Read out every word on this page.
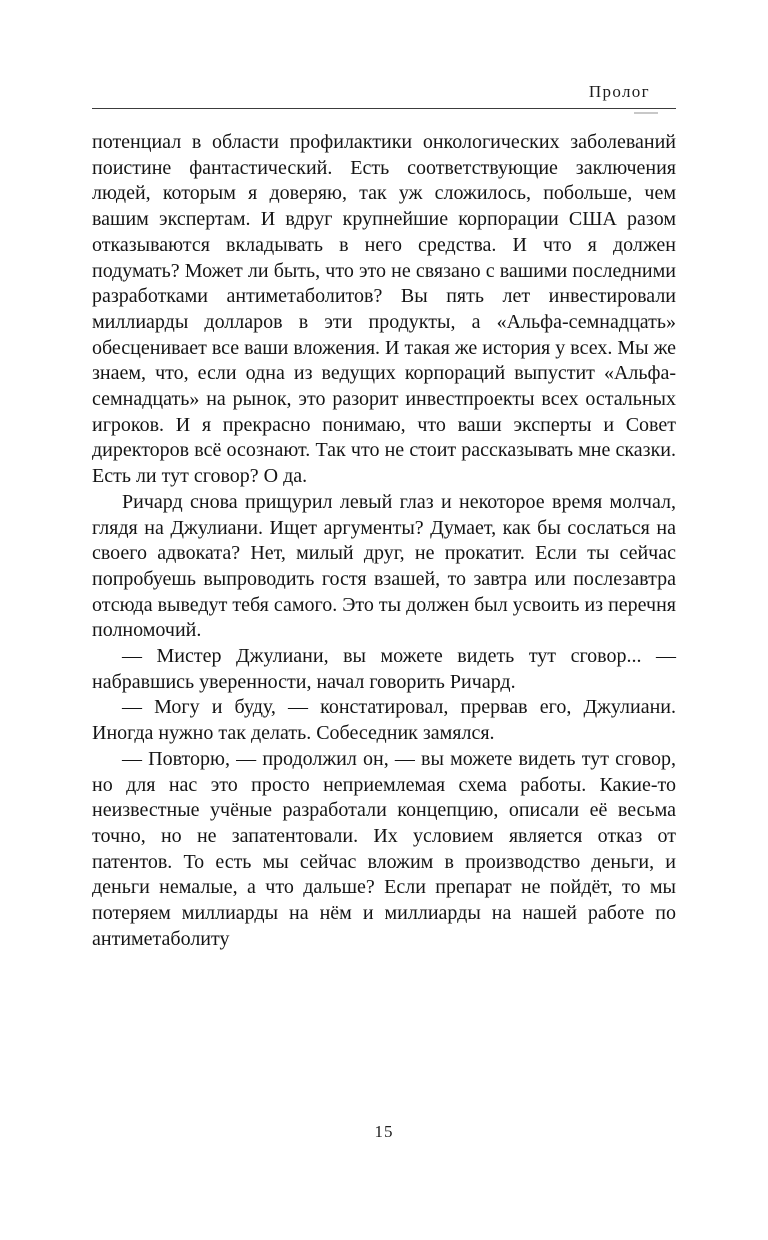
Пролог

потенциал в области профилактики онкологических заболеваний поистине фантастический. Есть соответствующие заключения людей, которым я доверяю, так уж сложилось, побольше, чем вашим экспертам. И вдруг крупнейшие корпорации США разом отказываются вкладывать в него средства. И что я должен подумать? Может ли быть, что это не связано с вашими последними разработками антиметаболитов? Вы пять лет инвестировали миллиарды долларов в эти продукты, а «Альфа-семнадцать» обесценивает все ваши вложения. И такая же история у всех. Мы же знаем, что, если одна из ведущих корпораций выпустит «Альфа-семнадцать» на рынок, это разорит инвестпроекты всех остальных игроков. И я прекрасно понимаю, что ваши эксперты и Совет директоров всё осознают. Так что не стоит рассказывать мне сказки. Есть ли тут сговор? О да.

Ричард снова прищурил левый глаз и некоторое время молчал, глядя на Джулиани. Ищет аргументы? Думает, как бы сослаться на своего адвоката? Нет, милый друг, не прокатит. Если ты сейчас попробуешь выпроводить гостя взашей, то завтра или послезавтра отсюда выведут тебя самого. Это ты должен был усвоить из перечня полномочий.

— Мистер Джулиани, вы можете видеть тут сговор... — набравшись уверенности, начал говорить Ричард.

— Могу и буду, — констатировал, прервав его, Джулиани. Иногда нужно так делать. Собеседник замялся.

— Повторю, — продолжил он, — вы можете видеть тут сговор, но для нас это просто неприемлемая схема работы. Какие-то неизвестные учёные разработали концепцию, описали её весьма точно, но не запатентовали. Их условием является отказ от патентов. То есть мы сейчас вложим в производство деньги, и деньги немалые, а что дальше? Если препарат не пойдёт, то мы потеряем миллиарды на нём и миллиарды на нашей работе по антиметаболиту

15
